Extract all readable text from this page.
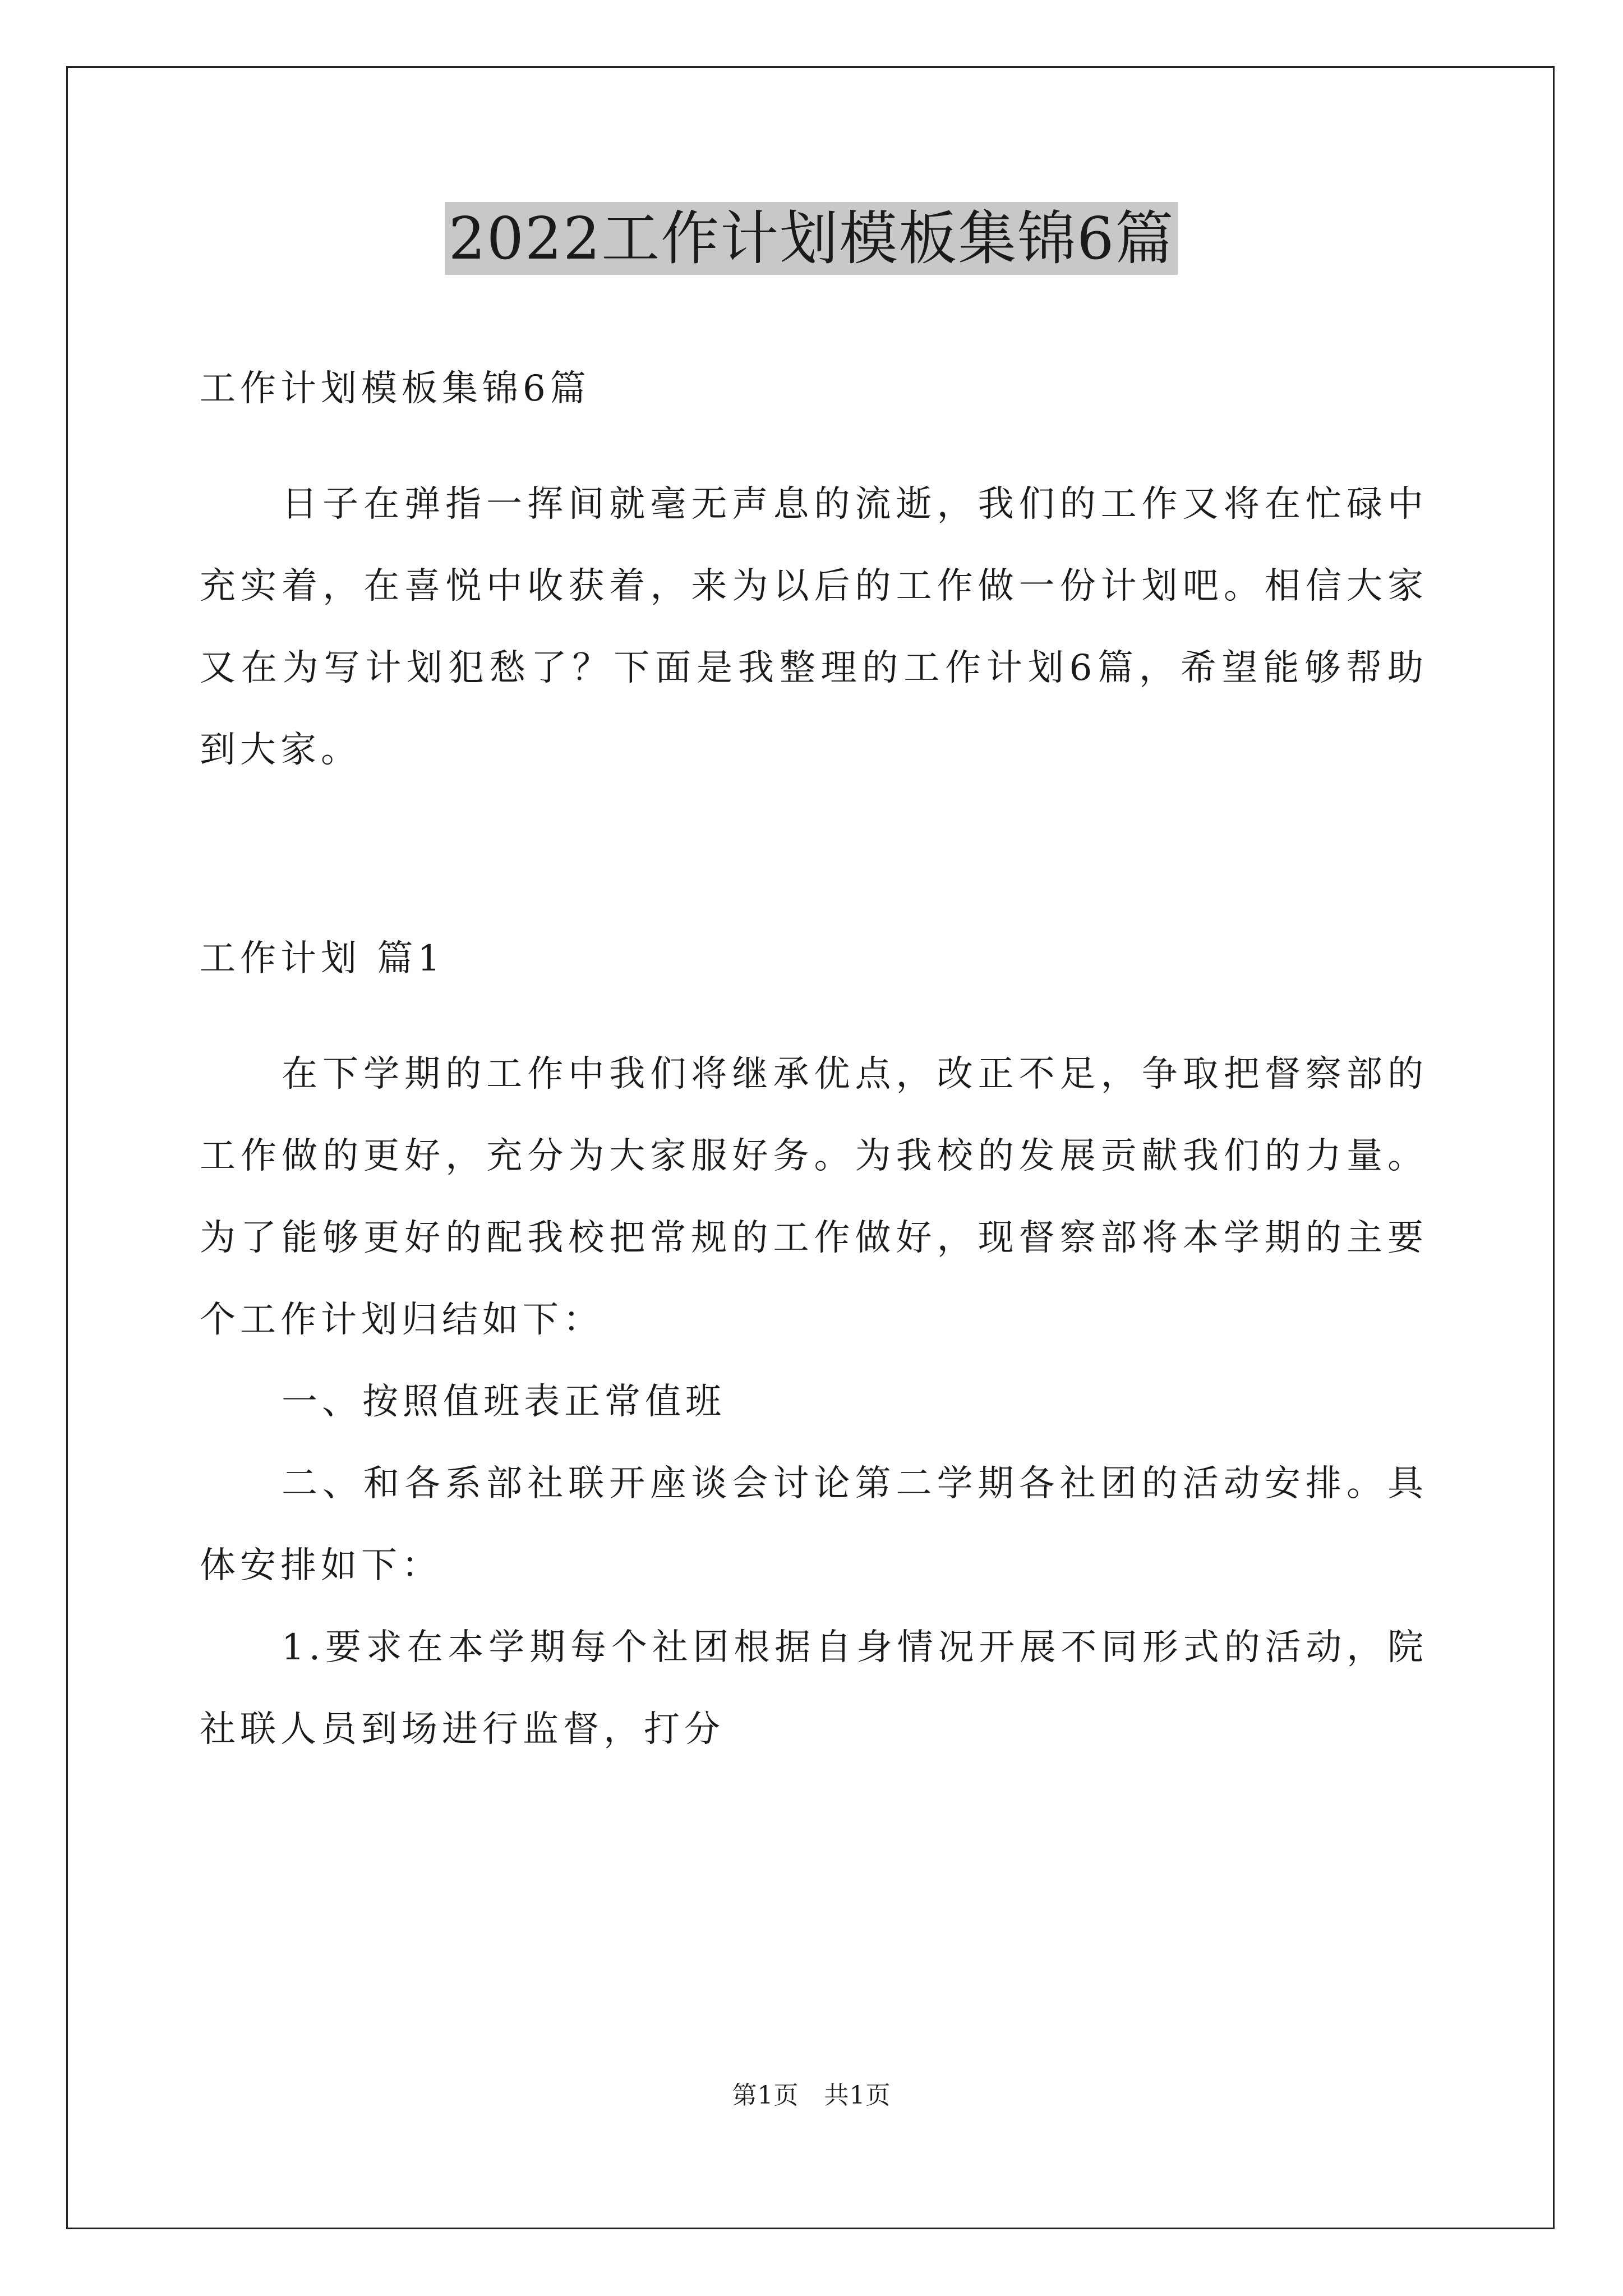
2022工作计划模板集锦6篇

工作计划模板集锦6篇

日子在弹指一挥间就毫无声息的流逝，我们的工作又将在忙碌中充实着，在喜悦中收获着，来为以后的工作做一份计划吧。相信大家又在为写计划犯愁了？下面是我整理的工作计划6篇，希望能够帮助到大家。

工作计划 篇1

在下学期的工作中我们将继承优点，改正不足，争取把督察部的工作做的更好，充分为大家服好务。为我校的发展贡献我们的力量。为了能够更好的配我校把常规的工作做好，现督察部将本学期的主要个工作计划归结如下：

一、按照值班表正常值班

二、和各系部社联开座谈会讨论第二学期各社团的活动安排。具体安排如下：

1.要求在本学期每个社团根据自身情况开展不同形式的活动，院社联人员到场进行监督，打分

第1页　共1页
